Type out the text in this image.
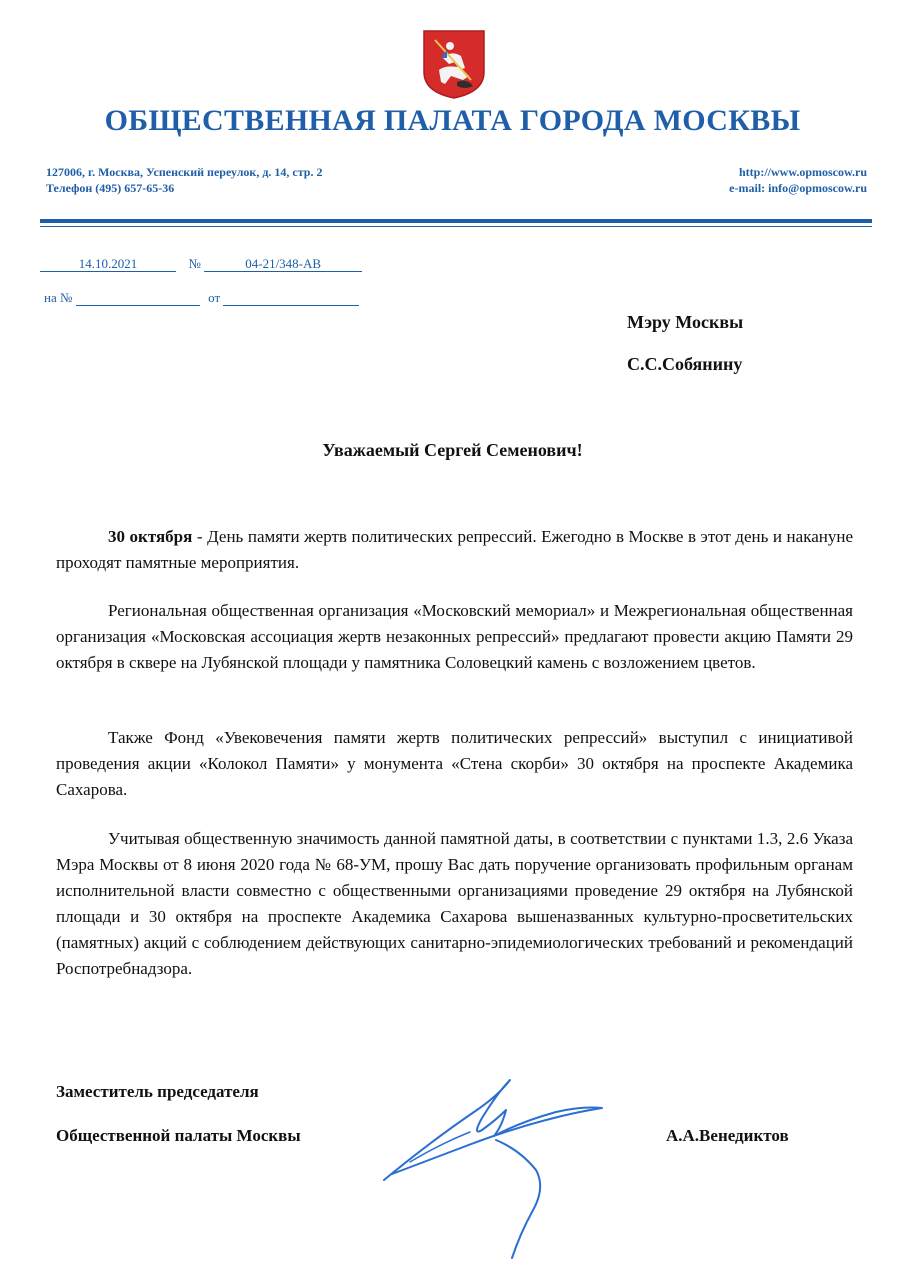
ОБЩЕСТВЕННАЯ ПАЛАТА ГОРОДА МОСКВЫ
127006, г. Москва, Успенский переулок, д. 14, стр. 2
Телефон (495) 657-65-36
http://www.opmoscow.ru
e-mail: info@opmoscow.ru
14.10.2021	№	04-21/348-АВ
на №	от
Мэру Москвы
С.С.Собянину
Уважаемый Сергей Семенович!

30 октября - День памяти жертв политических репрессий. Ежегодно в Москве в этот день и накануне проходят памятные мероприятия.

Региональная общественная организация «Московский мемориал» и Межрегиональная общественная организация «Московская ассоциация жертв незаконных репрессий» предлагают провести акцию Памяти 29 октября в сквере на Лубянской площади у памятника Соловецкий камень с возложением цветов.

Также Фонд «Увековечения памяти жертв политических репрессий» выступил с инициативой проведения акции «Колокол Памяти» у монумента «Стена скорби» 30 октября на проспекте Академика Сахарова.

Учитывая общественную значимость данной памятной даты, в соответствии с пунктами 1.3, 2.6 Указа Мэра Москвы от 8 июня 2020 года № 68-УМ, прошу Вас дать поручение организовать профильным органам исполнительной власти совместно с общественными организациями проведение 29 октября на Лубянской площади и 30 октября на проспекте Академика Сахарова вышеназванных культурно-просветительских (памятных) акций с соблюдением действующих санитарно-эпидемиологических требований и рекомендаций Роспотребнадзора.

Заместитель председателя
Общественной палаты Москвы	А.А.Венедиктов
